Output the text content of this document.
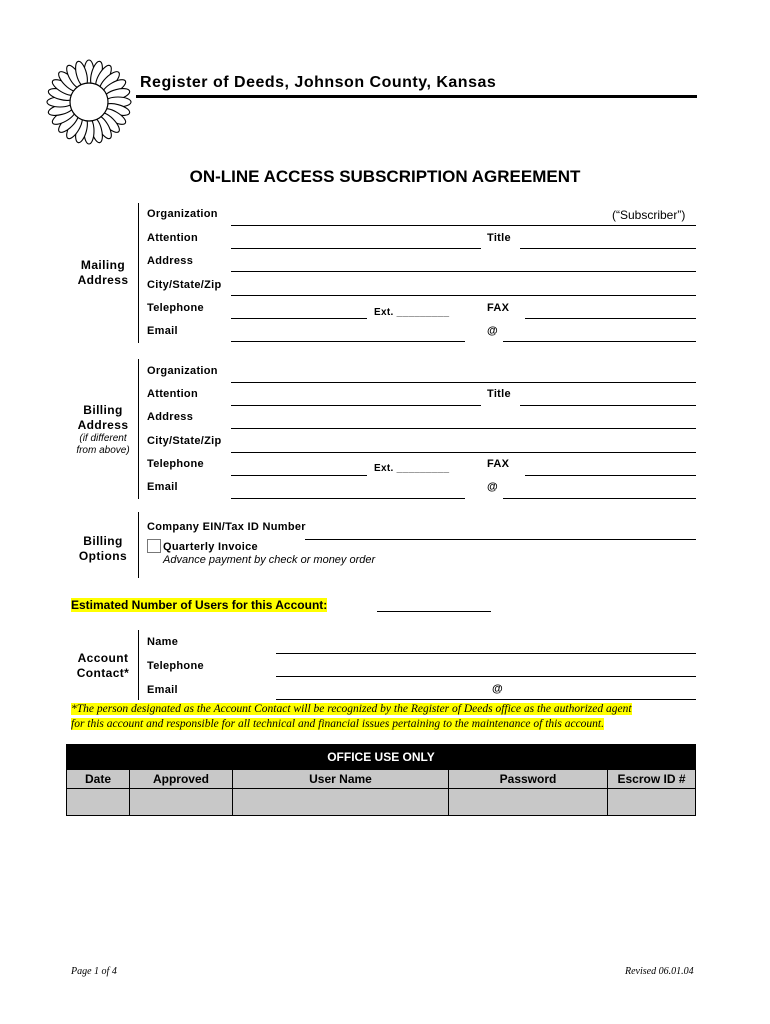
Register of Deeds, Johnson County, Kansas
ON-LINE ACCESS SUBSCRIPTION AGREEMENT
Mailing
Address
Organization	(“Subscriber”)
Attention	Title
Address
City/State/Zip
Telephone	Ext. _________	FAX
Email	@
Billing
Address
(if different
from above)
Organization
Attention	Title
Address
City/State/Zip
Telephone	Ext. _________	FAX
Email	@
Billing
Options
Company EIN/Tax ID Number
Quarterly Invoice
Advance payment by check or money order
Estimated Number of Users for this Account:
Account
Contact*
Name
Telephone
Email	@
*The person designated as the Account Contact will be recognized by the Register of Deeds office as the authorized agent
for this account and responsible for all technical and financial issues pertaining to the maintenance of this account.
OFFICE USE ONLY				
Date	Approved	User Name	Password	Escrow ID #

Page 1 of 4	Revised 06.01.04
